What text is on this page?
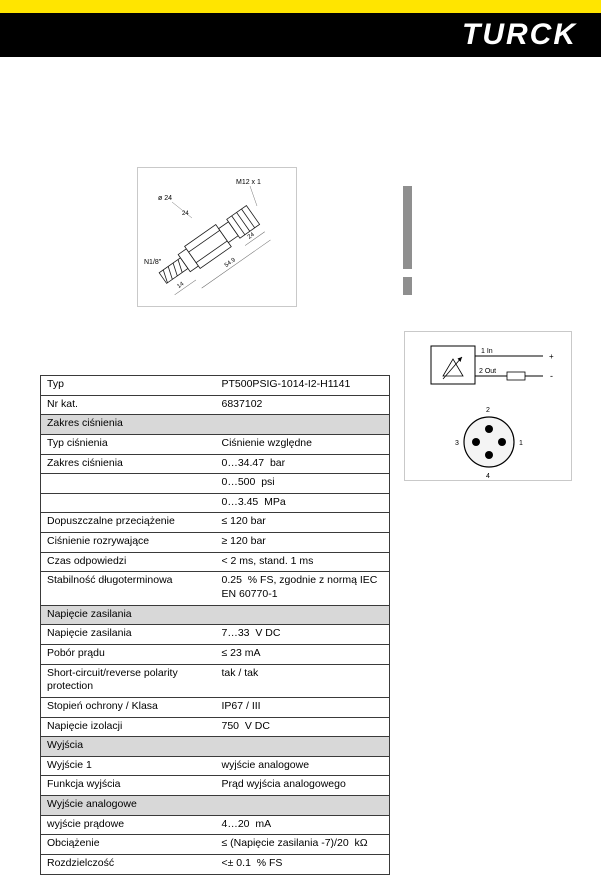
TURCK
14
24
54.9
M12 x 1
ø 24
24
N1/8"
1 In
+
2 Out	-
2
1
3
4
Typ	PT500PSIG-1014-I2-H1141
Nr kat.	6837102
Zakres ciśnienia	
Typ ciśnienia	Ciśnienie względne
Zakres ciśnienia	0…34.47  bar
	0…500  psi
	0…3.45  MPa
Dopuszczalne przeciążenie	≤ 120 bar
Ciśnienie rozrywające	≥ 120 bar
Czas odpowiedzi	< 2 ms, stand. 1 ms
Stabilność długoterminowa	0.25  % FS, zgodnie z normą IEC EN 60770-1
Napięcie zasilania	
Napięcie zasilania	7…33  V DC
Pobór prądu	≤ 23 mA
Short-circuit/reverse polarity protection	tak / tak
Stopień ochrony / Klasa	IP67 / III
Napięcie izolacji	750  V DC
Wyjścia	
Wyjście 1	wyjście analogowe
Funkcja wyjścia	Prąd wyjścia analogowego
Wyjście analogowe	
wyjście prądowe	4…20  mA
Obciążenie	≤ (Napięcie zasilania -7)/20  kΩ
Rozdzielczość	<± 0.1  % FS
